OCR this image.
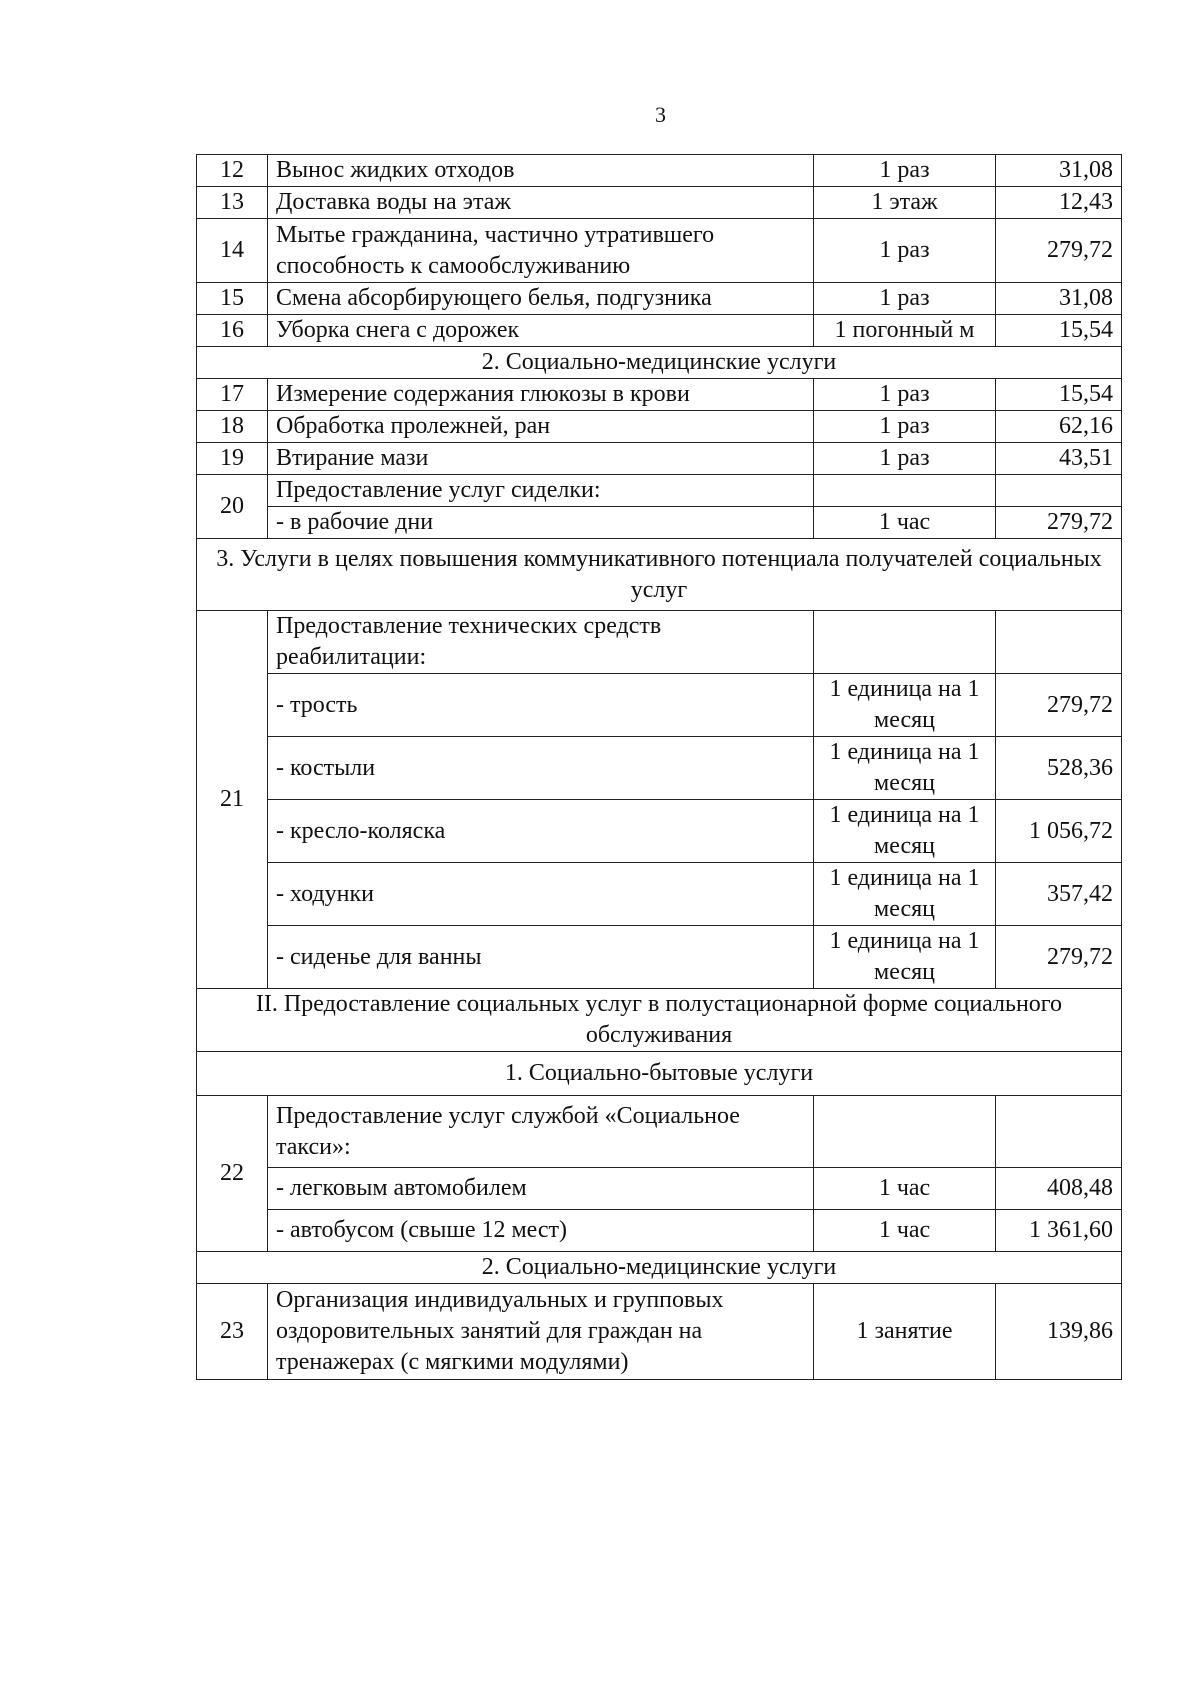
3
12	Вынос жидких отходов	1 раз	31,08
13	Доставка воды на этаж	1 этаж	12,43
14	Мытье гражданина, частично утратившего способность к самообслуживанию	1 раз	279,72
15	Смена абсорбирующего белья, подгузника	1 раз	31,08
16	Уборка снега с дорожек	1 погонный м	15,54
2. Социально-медицинские услуги			
17	Измерение содержания глюкозы в крови	1 раз	15,54
18	Обработка пролежней, ран	1 раз	62,16
19	Втирание мази	1 раз	43,51
20	Предоставление услуг сиделки:		
	- в рабочие дни	1 час	279,72
3. Услуги в целях повышения коммуникативного потенциала получателей социальных услуг			
21	Предоставление технических средств реабилитации:		
	- трость	1 единица на 1 месяц	279,72
	- костыли	1 единица на 1 месяц	528,36
	- кресло-коляска	1 единица на 1 месяц	1 056,72
	- ходунки	1 единица на 1 месяц	357,42
	- сиденье для ванны	1 единица на 1 месяц	279,72
II. Предоставление социальных услуг в полустационарной форме социального обслуживания			
1. Социально-бытовые услуги			
22	Предоставление услуг службой «Социальное такси»:		
	- легковым автомобилем	1 час	408,48
	- автобусом (свыше 12 мест)	1 час	1 361,60
2. Социально-медицинские услуги			
23	Организация индивидуальных и групповых оздоровительных занятий для граждан на тренажерах (с мягкими модулями)	1 занятие	139,86
